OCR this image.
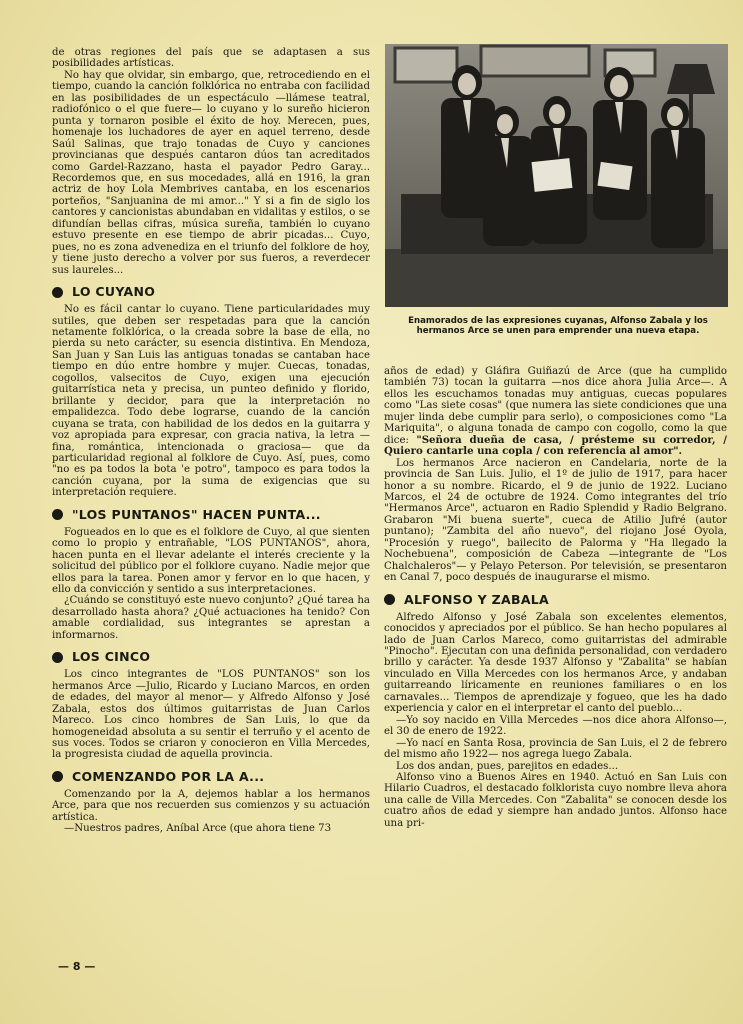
de otras regiones del país que se adaptasen a sus posibilidades artísticas.

No hay que olvidar, sin embargo, que, retrocediendo en el tiempo, cuando la canción folklórica no entraba con facilidad en las posibilidades de un espectáculo —llámese teatral, radiofónico o el que fuere— lo cuyano y lo sureño hicieron punta y tornaron posible el éxito de hoy. Merecen, pues, homenaje los luchadores de ayer en aquel terreno, desde Saúl Salinas, que trajo tonadas de Cuyo y canciones provincianas que después cantaron dúos tan acreditados como Gardel-Razzano, hasta el payador Pedro Garay... Recordemos que, en sus mocedades, allá en 1916, la gran actriz de hoy Lola Membrives cantaba, en los escenarios porteños, "Sanjuanina de mi amor..." Y si a fin de siglo los cantores y cancionistas abundaban en vidalitas y estilos, o se difundían bellas cifras, música sureña, también lo cuyano estuvo presente en ese tiempo de abrir picadas... Cuyo, pues, no es zona advenediza en el triunfo del folklore de hoy, y tiene justo derecho a volver por sus fueros, a reverdecer sus laureles...

LO CUYANO

No es fácil cantar lo cuyano. Tiene particularidades muy sutiles, que deben ser respetadas para que la canción netamente folklórica, o la creada sobre la base de ella, no pierda su neto carácter, su esencia distintiva. En Mendoza, San Juan y San Luis las antiguas tonadas se cantaban hace tiempo en dúo entre hombre y mujer. Cuecas, tonadas, cogollos, valsecitos de Cuyo, exigen una ejecución guitarrística neta y precisa, un punteo definido y florido, brillante y decidor, para que la interpretación no empalidezca. Todo debe lograrse, cuando de la canción cuyana se trata, con habilidad de los dedos en la guitarra y voz apropiada para expresar, con gracia nativa, la letra —fina, romántica, intencionada o graciosa— que da particularidad regional al folklore de Cuyo. Así, pues, como "no es pa todos la bota 'e potro", tampoco es para todos la canción cuyana, por la suma de exigencias que su interpretación requiere.

"LOS PUNTANOS" HACEN PUNTA...

Fogueados en lo que es el folklore de Cuyo, al que sienten como lo propio y entrañable, "LOS PUNTANOS", ahora, hacen punta en el llevar adelante el interés creciente y la solicitud del público por el folklore cuyano. Nadie mejor que ellos para la tarea. Ponen amor y fervor en lo que hacen, y ello da convicción y sentido a sus interpretaciones.

¿Cuándo se constituyó este nuevo conjunto? ¿Qué tarea ha desarrollado hasta ahora? ¿Qué actuaciones ha tenido? Con amable cordialidad, sus integrantes se aprestan a informarnos.

LOS CINCO

Los cinco integrantes de "LOS PUNTANOS" son los hermanos Arce —Julio, Ricardo y Luciano Marcos, en orden de edades, del mayor al menor— y Alfredo Alfonso y José Zabala, estos dos últimos guitarristas de Juan Carlos Mareco. Los cinco hombres de San Luis, lo que da homogeneidad absoluta a su sentir el terruño y el acento de sus voces. Todos se criaron y conocieron en Villa Mercedes, la progresista ciudad de aquella provincia.

COMENZANDO POR LA A...

Comenzando por la A, dejemos hablar a los hermanos Arce, para que nos recuerden sus comienzos y su actuación artística.

—Nuestros padres, Aníbal Arce (que ahora tiene 73

Enamorados de las expresiones cuyanas, Alfonso Zabala y los hermanos Arce se unen para emprender una nueva etapa.

años de edad) y Gláfira Guiñazú de Arce (que ha cumplido también 73) tocan la guitarra —nos dice ahora Julia Arce—. A ellos les escuchamos tonadas muy antiguas, cuecas populares como "Las siete cosas" (que numera las siete condiciones que una mujer linda debe cumplir para serlo), o composiciones como "La Mariquita", o alguna tonada de campo con cogollo, como la que dice: "Señora dueña de casa, / présteme su corredor, / Quiero cantarle una copla / con referencia al amor".

Los hermanos Arce nacieron en Candelaria, norte de la provincia de San Luis. Julio, el 1º de julio de 1917, para hacer honor a su nombre. Ricardo, el 9 de junio de 1922. Luciano Marcos, el 24 de octubre de 1924. Como integrantes del trío "Hermanos Arce", actuaron en Radio Splendid y Radio Belgrano. Grabaron "Mi buena suerte", cueca de Atilio Jufré (autor puntano); "Zambita del año nuevo", del riojano José Oyola, "Procesión y ruego", bailecito de Palorma y "Ha llegado la Nochebuena", composición de Cabeza —integrante de "Los Chalchaleros"— y Pelayo Peterson. Por televisión, se presentaron en Canal 7, poco después de inaugurarse el mismo.

ALFONSO Y ZABALA

Alfredo Alfonso y José Zabala son excelentes elementos, conocidos y apreciados por el público. Se han hecho populares al lado de Juan Carlos Mareco, como guitarristas del admirable "Pinocho". Ejecutan con una definida personalidad, con verdadero brillo y carácter. Ya desde 1937 Alfonso y "Zabalita" se habían vinculado en Villa Mercedes con los hermanos Arce, y andaban guitarreando líricamente en reuniones familiares o en los carnavales... Tiempos de aprendizaje y fogueo, que les ha dado experiencia y calor en el interpretar el canto del pueblo...

—Yo soy nacido en Villa Mercedes —nos dice ahora Alfonso—, el 30 de enero de 1922.

—Yo nací en Santa Rosa, provincia de San Luis, el 2 de febrero del mismo año 1922— nos agrega luego Zabala.

Los dos andan, pues, parejitos en edades...

Alfonso vino a Buenos Aires en 1940. Actuó en San Luis con Hilario Cuadros, el destacado folklorista cuyo nombre lleva ahora una calle de Villa Mercedes. Con "Zabalita" se conocen desde los cuatro años de edad y siempre han andado juntos. Alfonso hace una pri-

— 8 —
